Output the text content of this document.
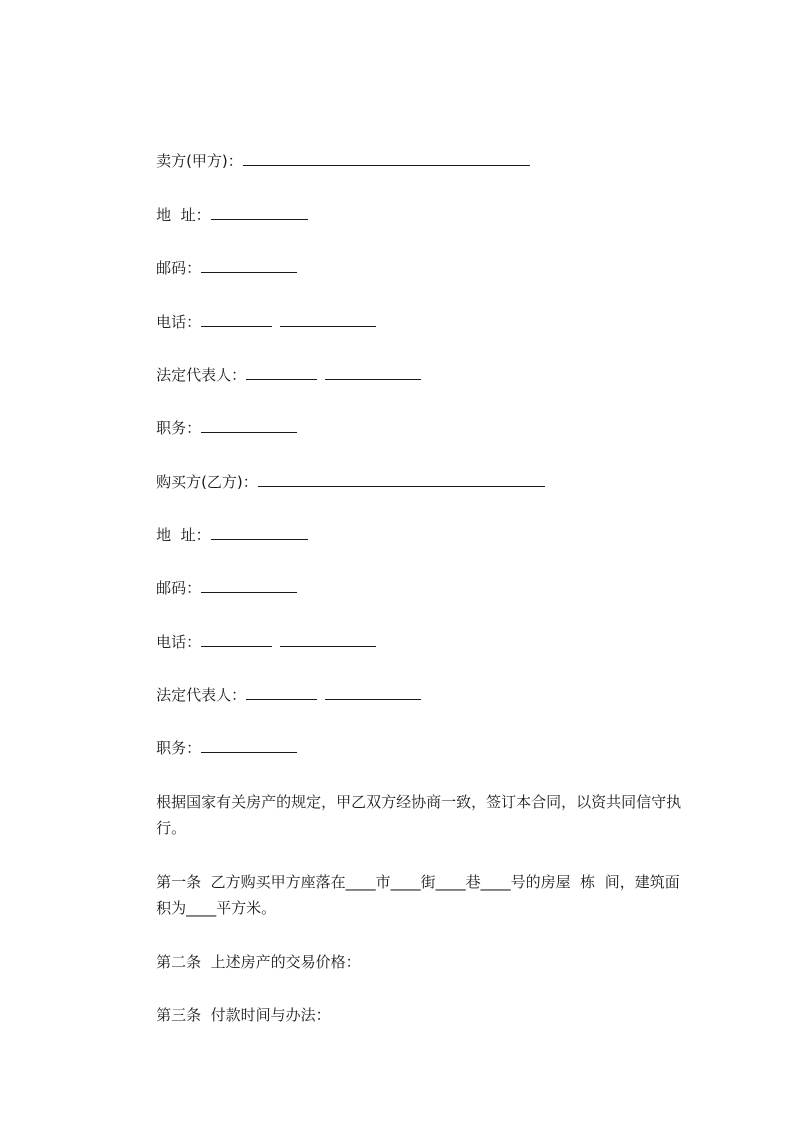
卖方(甲方)：

地  址：

邮码：

电话：

法定代表人：

职务：

购买方(乙方)：

地  址：

邮码：

电话：

法定代表人：

职务：

根据国家有关房产的规定，甲乙双方经协商一致，签订本合同，以资共同信守执

行。

第一条  乙方购买甲方座落在____市____街____巷____号的房屋  栋  间，建筑面

积为____平方米。

第二条  上述房产的交易价格：

第三条  付款时间与办法：
